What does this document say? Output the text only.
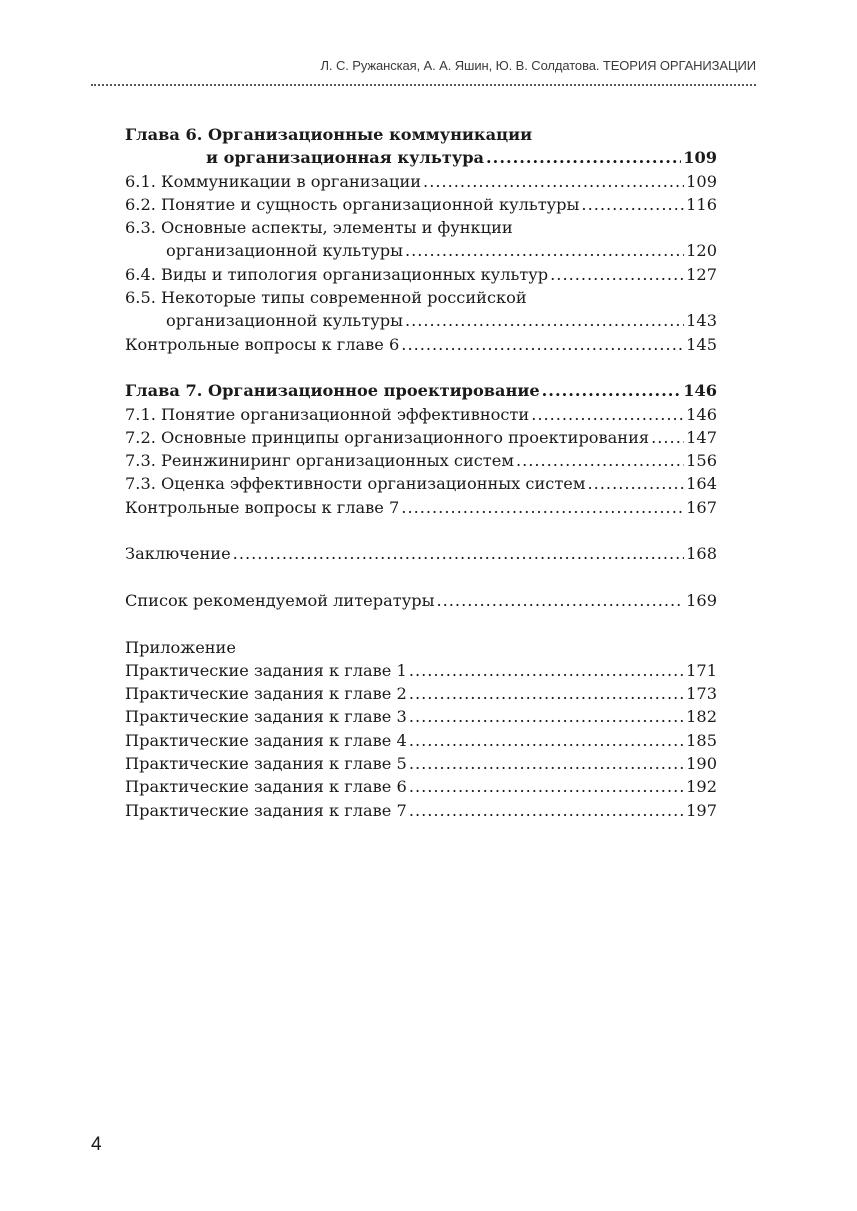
Л. С. Ружанская, А. А. Яшин, Ю. В. Солдатова. ТЕОРИЯ ОРГАНИЗАЦИИ
Глава 6. Организационные коммуникации
и организационная культура .....	109
6.1. Коммуникации в организации .....	109
6.2. Понятие и сущность организационной культуры .....	116
6.3. Основные аспекты, элементы и функции
организационной культуры .....	120
6.4. Виды и типология организационных культур .....	127
6.5. Некоторые типы современной российской
организационной культуры .....	143
Контрольные вопросы к главе 6 .....	145
Глава 7. Организационное проектирование .....	146
7.1. Понятие организационной эффективности .....	146
7.2. Основные принципы организационного проектирования ..... 147
7.3. Реинжиниринг организационных систем .....	156
7.3. Оценка эффективности организационных систем .....	164
Контрольные вопросы к главе 7 .....	167
Заключение .....	168
Список рекомендуемой литературы .....	169
Приложение
Практические задания к главе 1 .....	171
Практические задания к главе 2 .....	173
Практические задания к главе 3 .....	182
Практические задания к главе 4 .....	185
Практические задания к главе 5 .....	190
Практические задания к главе 6 .....	192
Практические задания к главе 7 .....	197
4
